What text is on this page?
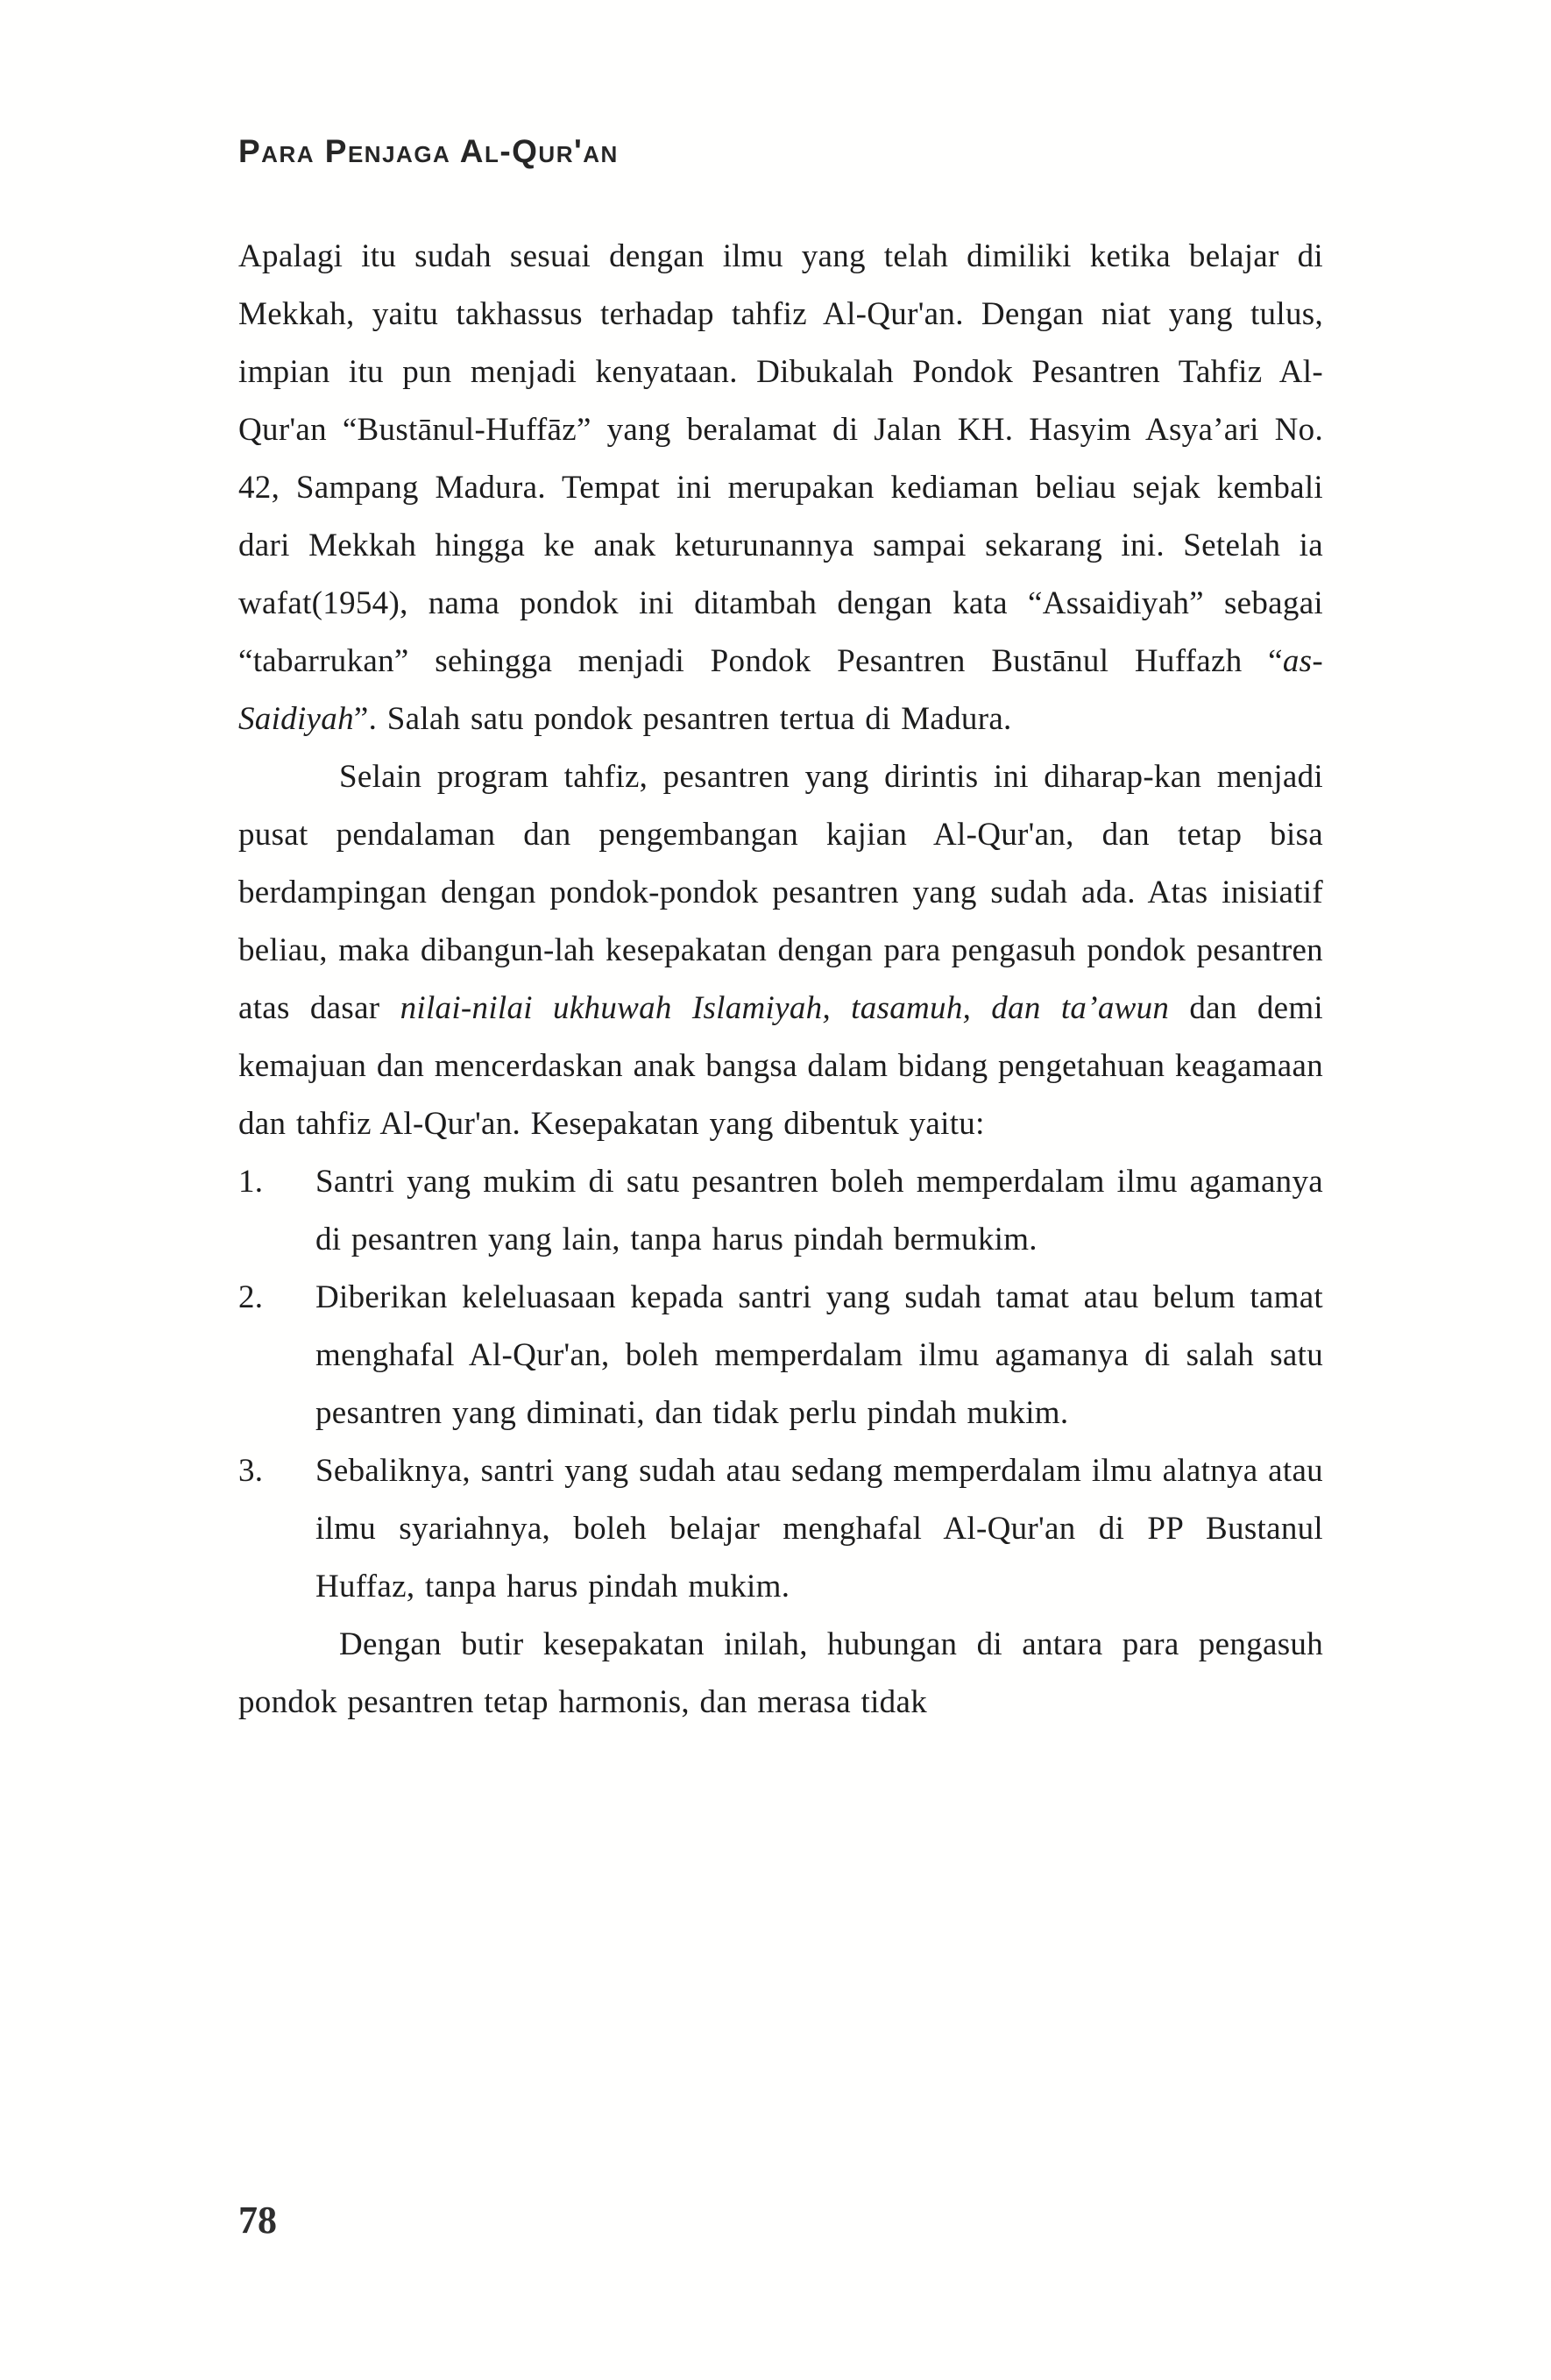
Para Penjaga Al-Qur'an

Apalagi itu sudah sesuai dengan ilmu yang telah dimiliki ketika belajar di Mekkah, yaitu takhassus terhadap tahfiz Al-Qur'an. Dengan niat yang tulus, impian itu pun menjadi kenyataan. Dibukalah Pondok Pesantren Tahfiz Al-Qur'an “Bustānul-Huffāz” yang beralamat di Jalan KH. Hasyim Asya’ari No. 42, Sampang Madura. Tempat ini merupakan kediaman beliau sejak kembali dari Mekkah hingga ke anak keturunannya sampai sekarang ini. Setelah ia wafat(1954), nama pondok ini ditambah dengan kata “Assaidiyah” sebagai “tabarrukan” sehingga menjadi Pondok Pesantren Bustānul Huffazh “as-Saidiyah”. Salah satu pondok pesantren tertua di Madura.

Selain program tahfiz, pesantren yang dirintis ini diharap-kan menjadi pusat pendalaman dan pengembangan kajian Al-Qur'an, dan tetap bisa berdampingan dengan pondok-pondok pesantren yang sudah ada. Atas inisiatif beliau, maka dibangun-lah kesepakatan dengan para pengasuh pondok pesantren atas dasar nilai-nilai ukhuwah Islamiyah, tasamuh, dan ta’awun dan demi kemajuan dan mencerdaskan anak bangsa dalam bidang pengetahuan keagamaan dan tahfiz Al-Qur'an. Kesepakatan yang dibentuk yaitu:

1. Santri yang mukim di satu pesantren boleh memperdalam ilmu agamanya di pesantren yang lain, tanpa harus pindah bermukim.
2. Diberikan keleluasaan kepada santri yang sudah tamat atau belum tamat menghafal Al-Qur'an, boleh memperdalam ilmu agamanya di salah satu pesantren yang diminati, dan tidak perlu pindah mukim.
3. Sebaliknya, santri yang sudah atau sedang memperdalam ilmu alatnya atau ilmu syariahnya, boleh belajar menghafal Al-Qur'an di PP Bustanul Huffaz, tanpa harus pindah mukim.

Dengan butir kesepakatan inilah, hubungan di antara para pengasuh pondok pesantren tetap harmonis, dan merasa tidak

78
